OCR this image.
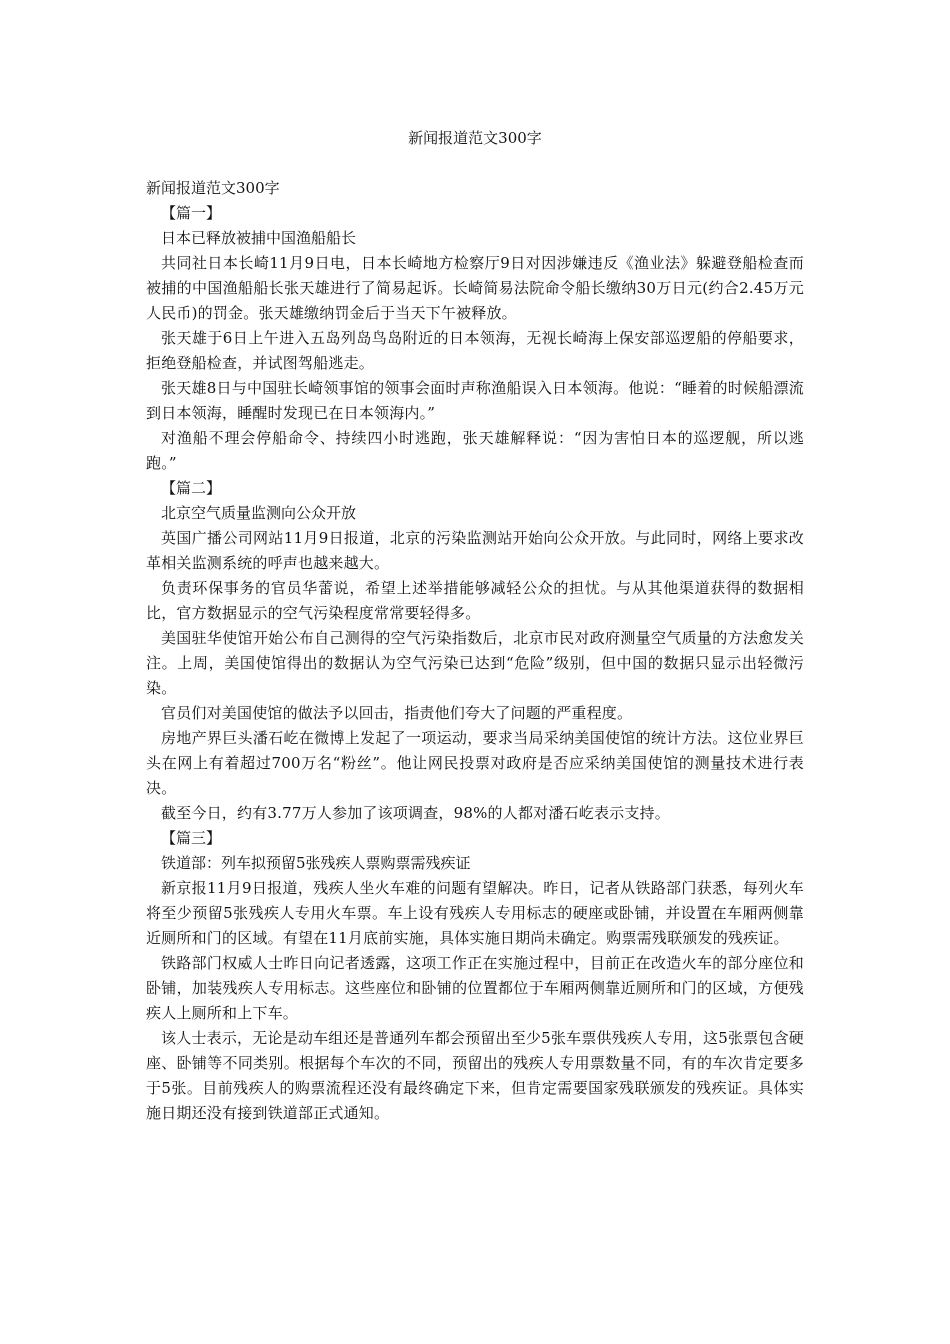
新闻报道范文300字

新闻报道范文300字

【篇一】

日本已释放被捕中国渔船船长

共同社日本长崎11月9日电，日本长崎地方检察厅9日对因涉嫌违反《渔业法》躲避登船检查而被捕的中国渔船船长张天雄进行了简易起诉。长崎简易法院命令船长缴纳30万日元(约合2.45万元人民币)的罚金。张天雄缴纳罚金后于当天下午被释放。

张天雄于6日上午进入五岛列岛鸟岛附近的日本领海，无视长崎海上保安部巡逻船的停船要求，拒绝登船检查，并试图驾船逃走。

张天雄8日与中国驻长崎领事馆的领事会面时声称渔船误入日本领海。他说：“睡着的时候船漂流到日本领海，睡醒时发现已在日本领海内。”

对渔船不理会停船命令、持续四小时逃跑，张天雄解释说：“因为害怕日本的巡逻舰，所以逃跑。”

【篇二】

北京空气质量监测向公众开放

英国广播公司网站11月9日报道，北京的污染监测站开始向公众开放。与此同时，网络上要求改革相关监测系统的呼声也越来越大。

负责环保事务的官员华蕾说，希望上述举措能够减轻公众的担忧。与从其他渠道获得的数据相比，官方数据显示的空气污染程度常常要轻得多。

美国驻华使馆开始公布自己测得的空气污染指数后，北京市民对政府测量空气质量的方法愈发关注。上周，美国使馆得出的数据认为空气污染已达到“危险”级别，但中国的数据只显示出轻微污染。

官员们对美国使馆的做法予以回击，指责他们夸大了问题的严重程度。

房地产界巨头潘石屹在微博上发起了一项运动，要求当局采纳美国使馆的统计方法。这位业界巨头在网上有着超过700万名“粉丝”。他让网民投票对政府是否应采纳美国使馆的测量技术进行表决。

截至今日，约有3.77万人参加了该项调查，98%的人都对潘石屹表示支持。

【篇三】

铁道部：列车拟预留5张残疾人票购票需残疾证

新京报11月9日报道，残疾人坐火车难的问题有望解决。昨日，记者从铁路部门获悉，每列火车将至少预留5张残疾人专用火车票。车上设有残疾人专用标志的硬座或卧铺，并设置在车厢两侧靠近厕所和门的区域。有望在11月底前实施，具体实施日期尚未确定。购票需残联颁发的残疾证。

铁路部门权威人士昨日向记者透露，这项工作正在实施过程中，目前正在改造火车的部分座位和卧铺，加装残疾人专用标志。这些座位和卧铺的位置都位于车厢两侧靠近厕所和门的区域，方便残疾人上厕所和上下车。

该人士表示，无论是动车组还是普通列车都会预留出至少5张车票供残疾人专用，这5张票包含硬座、卧铺等不同类别。根据每个车次的不同，预留出的残疾人专用票数量不同，有的车次肯定要多于5张。目前残疾人的购票流程还没有最终确定下来，但肯定需要国家残联颁发的残疾证。具体实施日期还没有接到铁道部正式通知。
